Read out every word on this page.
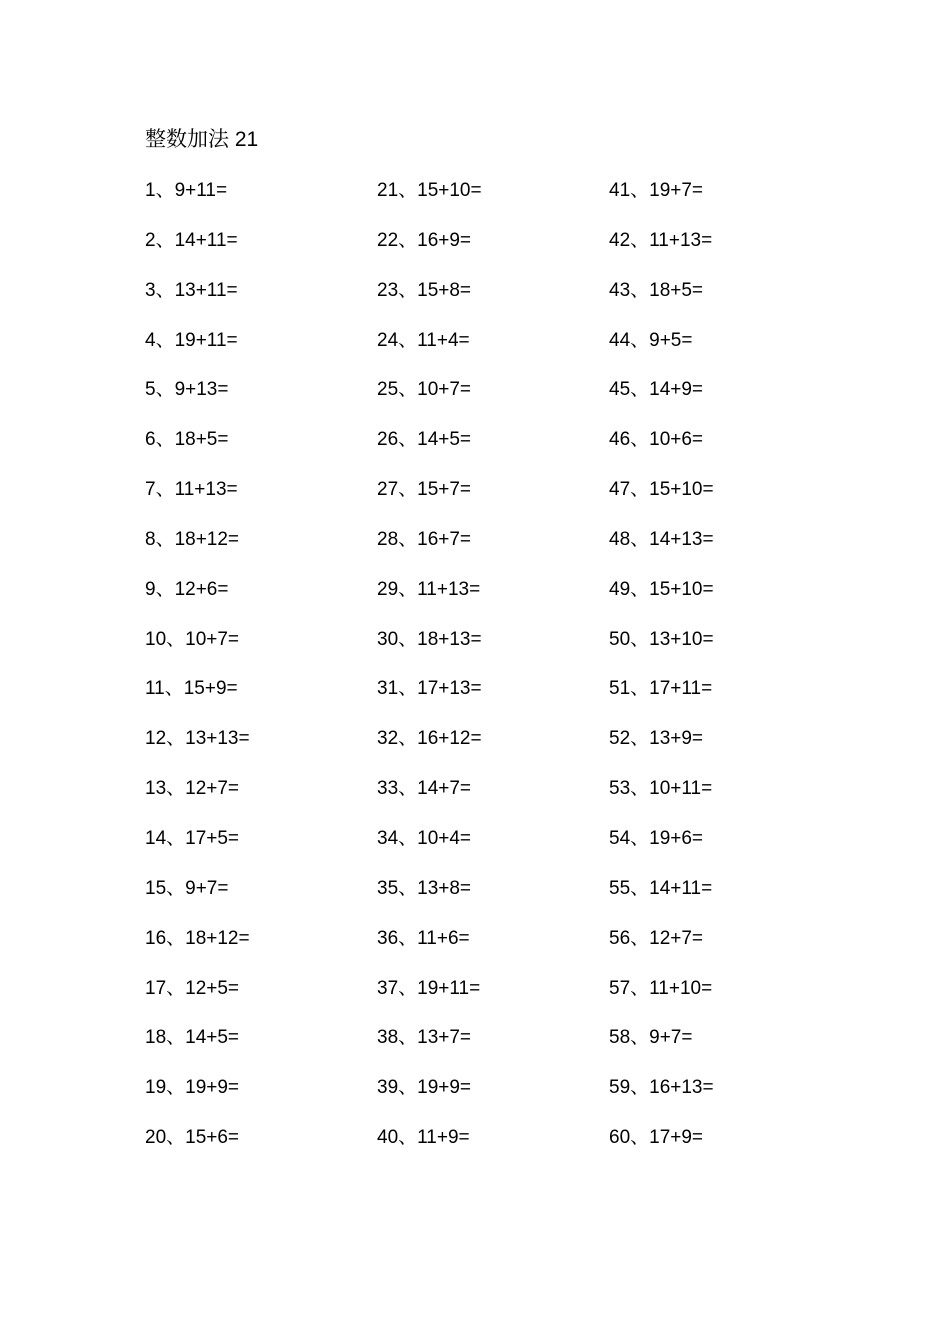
整数加法 21
1、9+11=
2、14+11=
3、13+11=
4、19+11=
5、9+13=
6、18+5=
7、11+13=
8、18+12=
9、12+6=
10、10+7=
11、15+9=
12、13+13=
13、12+7=
14、17+5=
15、9+7=
16、18+12=
17、12+5=
18、14+5=
19、19+9=
20、15+6=
21、15+10=
22、16+9=
23、15+8=
24、11+4=
25、10+7=
26、14+5=
27、15+7=
28、16+7=
29、11+13=
30、18+13=
31、17+13=
32、16+12=
33、14+7=
34、10+4=
35、13+8=
36、11+6=
37、19+11=
38、13+7=
39、19+9=
40、11+9=
41、19+7=
42、11+13=
43、18+5=
44、9+5=
45、14+9=
46、10+6=
47、15+10=
48、14+13=
49、15+10=
50、13+10=
51、17+11=
52、13+9=
53、10+11=
54、19+6=
55、14+11=
56、12+7=
57、11+10=
58、9+7=
59、16+13=
60、17+9=
